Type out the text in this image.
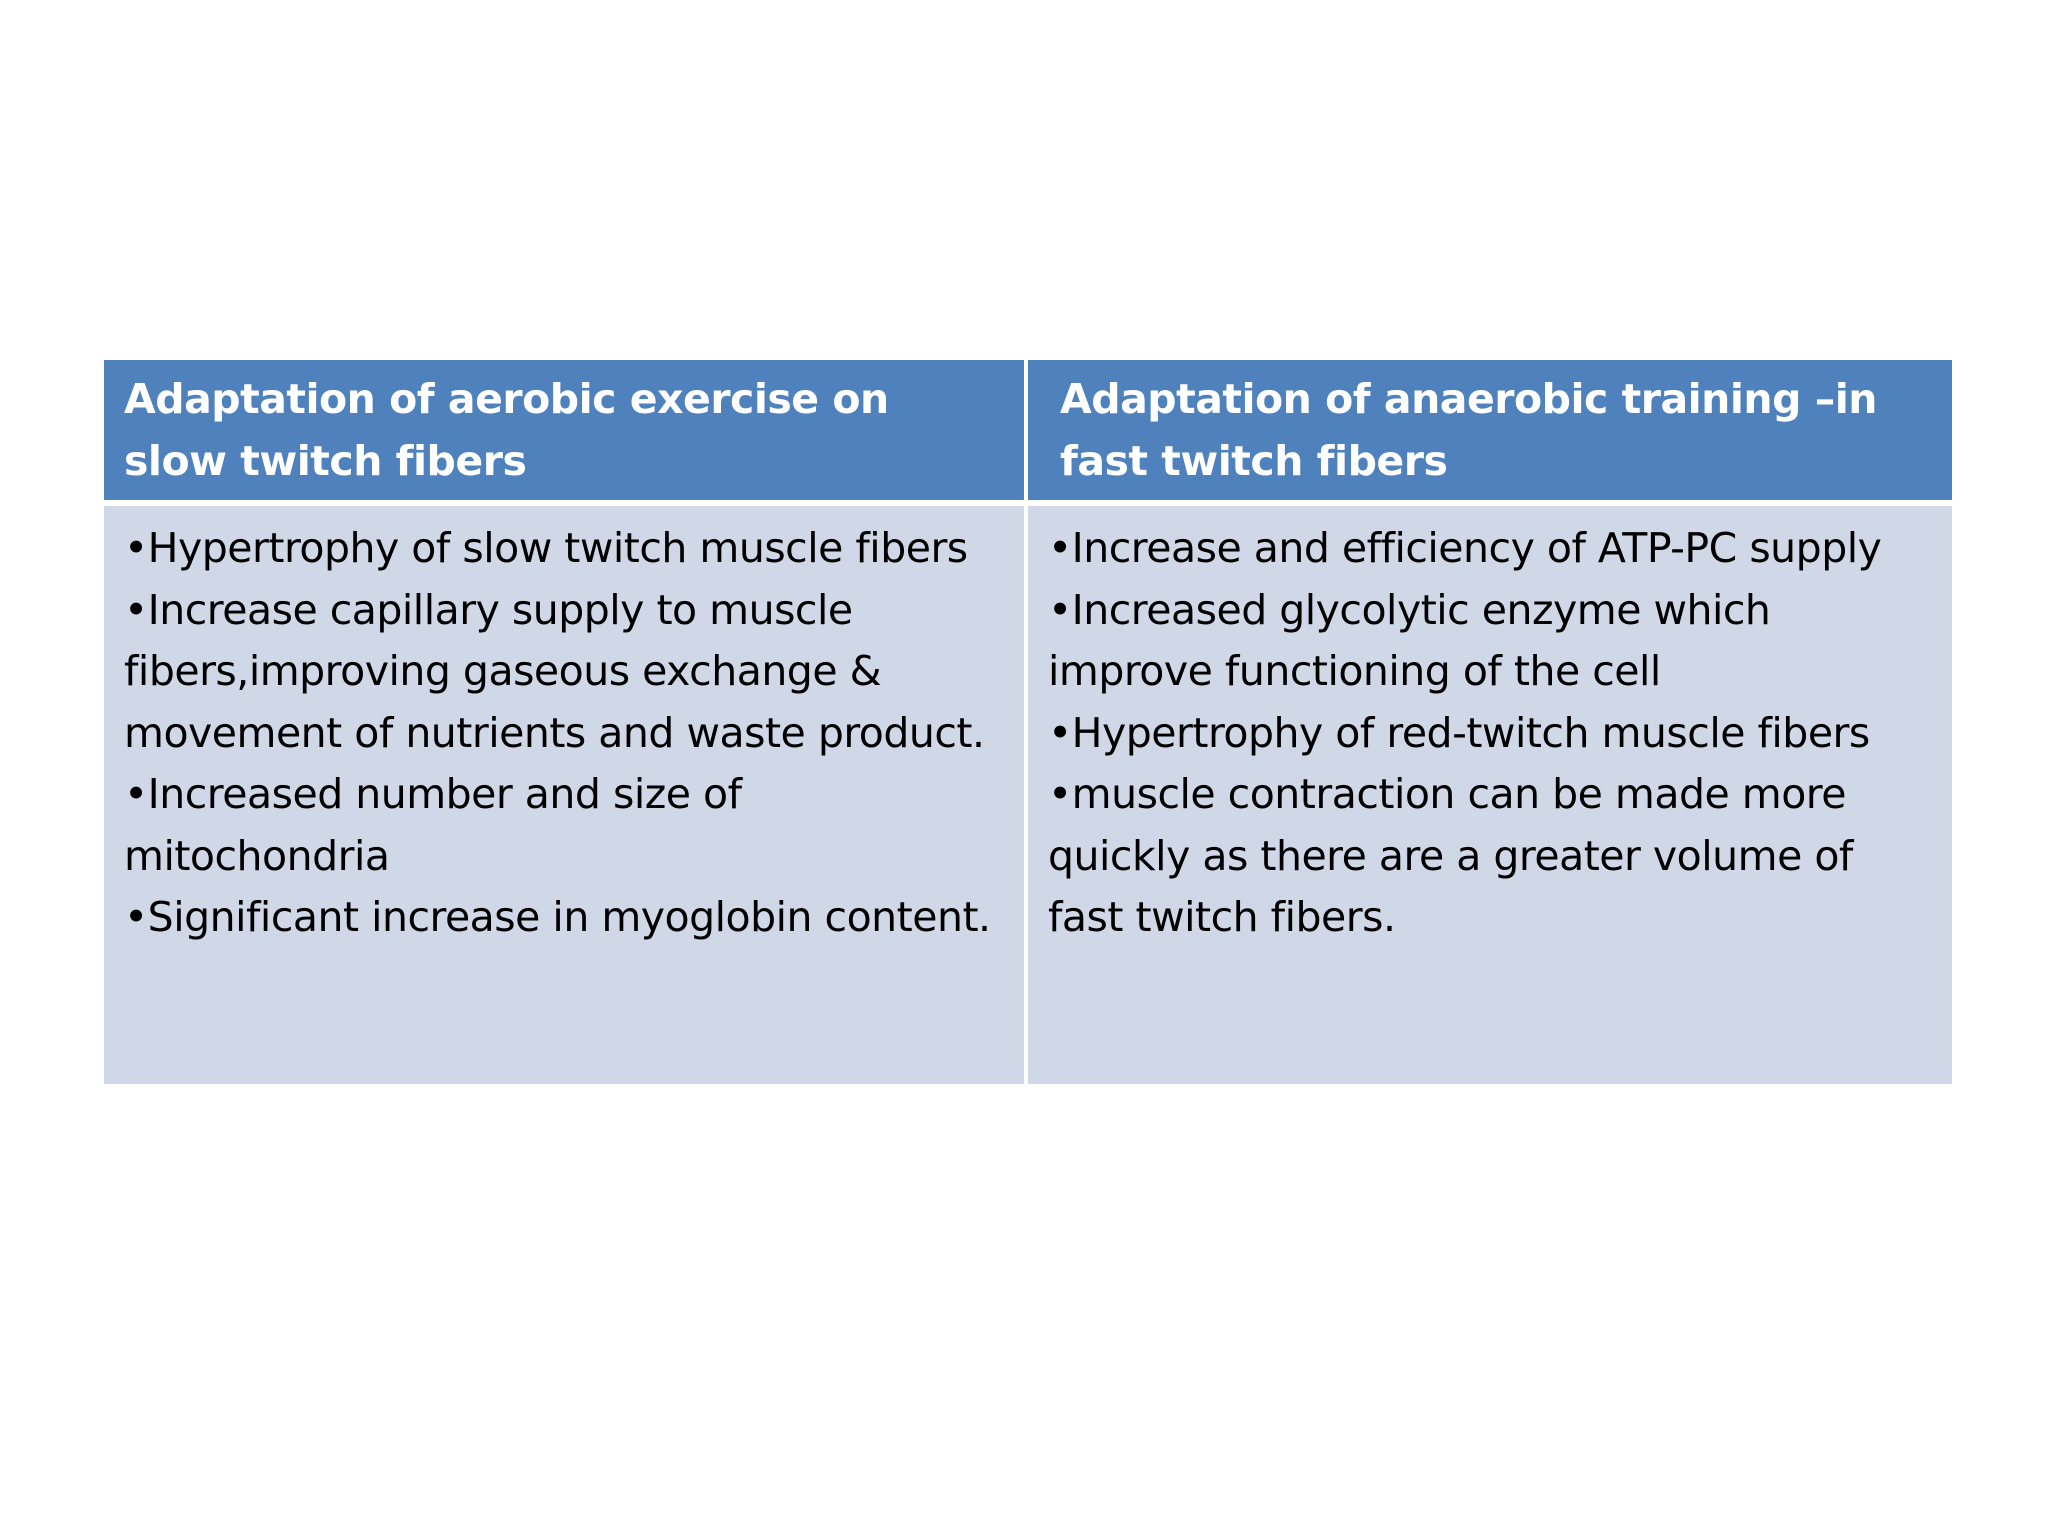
Adaptation of aerobic exercise on slow twitch fibers
Adaptation of anaerobic training –in fast twitch fibers

•Hypertrophy of slow twitch muscle fibers

•Increase capillary supply to muscle fibers,improving gaseous exchange & movement of nutrients and waste product.

•Increased number and size of mitochondria

•Significant increase in myoglobin content.

•Increase and efficiency of ATP-PC supply

•Increased glycolytic enzyme which improve functioning of the cell

•Hypertrophy of red-twitch muscle fibers

•muscle contraction can be made more quickly as there are a greater volume of fast twitch fibers.
